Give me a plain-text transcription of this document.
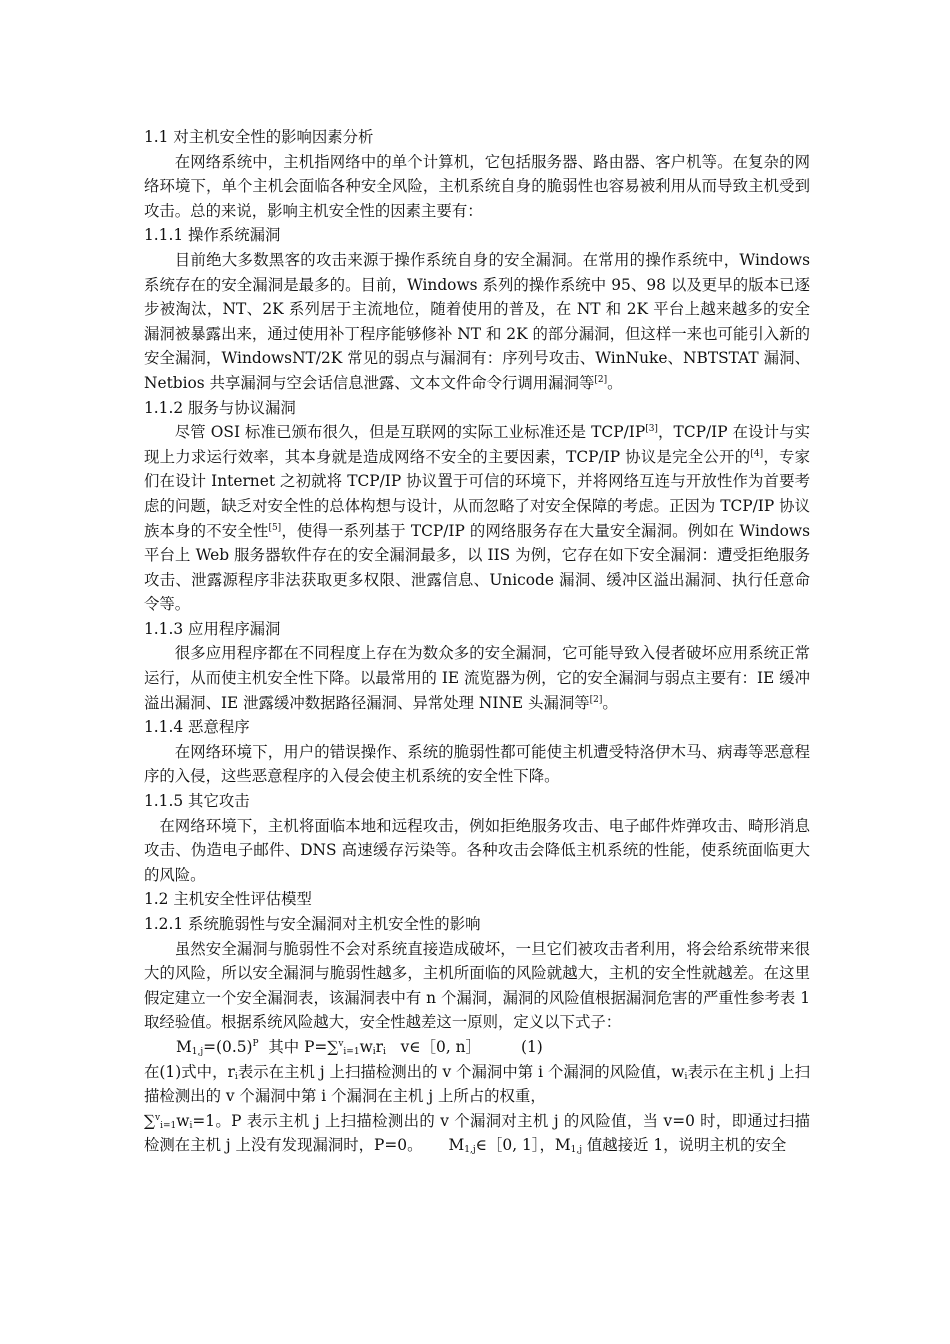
1.1 对主机安全性的影响因素分析

在网络系统中，主机指网络中的单个计算机，它包括服务器、路由器、客户机等。在复杂的网络环境下，单个主机会面临各种安全风险，主机系统自身的脆弱性也容易被利用从而导致主机受到攻击。总的来说，影响主机安全性的因素主要有：

1.1.1 操作系统漏洞

目前绝大多数黑客的攻击来源于操作系统自身的安全漏洞。在常用的操作系统中，Windows 系统存在的安全漏洞是最多的。目前，Windows 系列的操作系统中 95、98 以及更早的版本已逐步被淘汰，NT、2K 系列居于主流地位，随着使用的普及，在 NT 和 2K 平台上越来越多的安全漏洞被暴露出来，通过使用补丁程序能够修补 NT 和 2K 的部分漏洞，但这样一来也可能引入新的安全漏洞，WindowsNT/2K 常见的弱点与漏洞有：序列号攻击、WinNuke、NBTSTAT 漏洞、Netbios 共享漏洞与空会话信息泄露、文本文件命令行调用漏洞等[2]。

1.1.2 服务与协议漏洞

尽管 OSI 标准已颁布很久，但是互联网的实际工业标准还是 TCP/IP[3]，TCP/IP 在设计与实现上力求运行效率，其本身就是造成网络不安全的主要因素，TCP/IP 协议是完全公开的[4]，专家们在设计 Internet 之初就将 TCP/IP 协议置于可信的环境下，并将网络互连与开放性作为首要考虑的问题，缺乏对安全性的总体构想与设计，从而忽略了对安全保障的考虑。正因为 TCP/IP 协议族本身的不安全性[5]，使得一系列基于 TCP/IP 的网络服务存在大量安全漏洞。例如在 Windows 平台上 Web 服务器软件存在的安全漏洞最多，以 IIS 为例，它存在如下安全漏洞：遭受拒绝服务攻击、泄露源程序非法获取更多权限、泄露信息、Unicode 漏洞、缓冲区溢出漏洞、执行任意命令等。

1.1.3 应用程序漏洞

很多应用程序都在不同程度上存在为数众多的安全漏洞，它可能导致入侵者破坏应用系统正常运行，从而使主机安全性下降。以最常用的 IE 流览器为例，它的安全漏洞与弱点主要有：IE 缓冲溢出漏洞、IE 泄露缓冲数据路径漏洞、异常处理 NINE 头漏洞等[2]。

1.1.4 恶意程序

在网络环境下，用户的错误操作、系统的脆弱性都可能使主机遭受特洛伊木马、病毒等恶意程序的入侵，这些恶意程序的入侵会使主机系统的安全性下降。

1.1.5 其它攻击

在网络环境下，主机将面临本地和远程攻击，例如拒绝服务攻击、电子邮件炸弹攻击、畸形消息攻击、伪造电子邮件、DNS 高速缓存污染等。各种攻击会降低主机系统的性能，使系统面临更大的风险。

1.2 主机安全性评估模型

1.2.1 系统脆弱性与安全漏洞对主机安全性的影响

虽然安全漏洞与脆弱性不会对系统直接造成破坏，一旦它们被攻击者利用，将会给系统带来很大的风险，所以安全漏洞与脆弱性越多，主机所面临的风险就越大，主机的安全性就越差。在这里假定建立一个安全漏洞表，该漏洞表中有 n 个漏洞，漏洞的风险值根据漏洞危害的严重性参考表 1 取经验值。根据系统风险越大，安全性越差这一原则，定义以下式子：

$M_{1,j}=(0.5)^P$  其中 $P=\sum^v_{i=1}w_ir_i$   v∈［0, n］	(1)

在(1)式中，$r_i$表示在主机 j 上扫描检测出的 v 个漏洞中第 i 个漏洞的风险值，$w_i$表示在主机 j 上扫描检测出的 v 个漏洞中第 i 个漏洞在主机 j 上所占的权重，

$\sum^v_{i=1}w_i=1$。P 表示主机 j 上扫描检测出的 v 个漏洞对主机 j 的风险值，当 v=0 时，即通过扫描检测在主机 j 上没有发现漏洞时，P=0。 $M_{1,j}\in[0$, 1］，$M_{1,j}$ 值越接近 1，说明主机的安全
